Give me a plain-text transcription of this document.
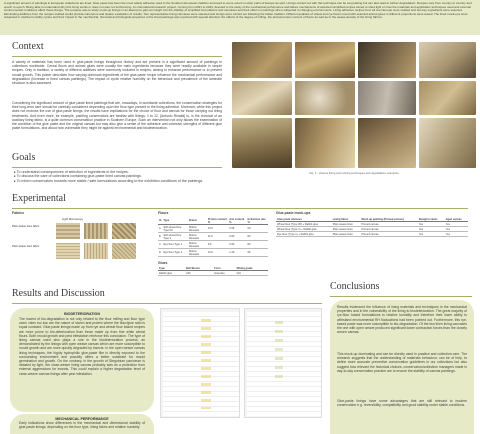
A significant amount of paintings in European collections are lined. Glue paste has been the most widely adhesive used in the Southern European tradition and used to some extent in other parts of Europe as well. Linings carried out with this technique can be long lasting but can also lead to further degradation. Recipes vary from country to country and epoch to epoch. Being able to understand why this lining works or does not was not forthcoming. An international research project, running from 2021 to 2024, devoted to the study of the mechanical performance and failure mechanisms of selected simplified recipes aimed to shed light on how the materials and application techniques used and external environmental conditions affect these linings. The purpose was to study mock-up linings in an attempt to gain an insight into the stability of simplified formulations and canvases and their effect on paintings when subjected to changing environments. Lining adhesive recipes from all over Europe were studied and two key ingredients were selected. Eliminating additives from the recipes studied would provide coherence and clearer evaluation of results. Two representative lining canvases were selected and linings were carried out following the Italian tradition. Different qualities of wheat and rye flours mixed with selected animal glues in different proportions were tested. The lined mock-ups were subjected to relative humidity cycles and their impact in the mechanical, chemical and biological properties of the lined paintings was reported with special attention the effects of the degree of milling, the animal protein content of flours as well as to the weave density of the lining fabrics.
Context
A variety of materials has been used in glue-paste linings throughout history and are present in a significant amount of paintings in collections worldwide. Cereal flours and animal glues were usually the main ingredients because they were readily available in simple recipes. Only in tradition, a variety of different additives were commonly included in recipes, aiming to enhance performance or to prevent mould growth. This poster describes how varying dominant ingredients of the glue-paste recipe influence the mechanical performance and degradation (increase in lined canvas paintings). The impact of cyclic relative humidity on the behaviour and prevalence of the laminate structure is also assessed.
Considering the significant amount of glue-paste lined paintings that are, nowadays, in worldwide collections, the conservation strategies for their long-term care should be carefully considered depending upon the flour type present in the lining adhesive. Moreover, while this project does not endorse the use of glue-paste linings, the results have implications for the choice of flour and canvas for those carrying out lining treatments. And even more, for example, painting conservators are familiar with linings. 1 to 12, [Antonio Rinaldi] to, is the removal of an auxiliary lining fabric, is a quite common conservation practice in Southern Europe. Such an intervention not only allows the examination of the condition of the glue paste and the original canvas but may also give a sense of the adhesive and cohesive strengths of different glue paste formulations, and about how vulnerable they might be against environmental and biodeterioration.
Fig. 1 - Various lining and relining techniques and degradation examples
Goals
▸ To understand consequences of selection of ingredients in the recipes.
▸ To discuss the care of collections containing glue-paste lined canvas paintings.
▸ To inform conservators towards more stable / safe formulations according to the exhibition conditions of the paintings.
Experimental
Fabrics
Light Microscopy
Plain weave linen fabric
Plain weave linen fabric
Flours
Id	Type	Brand	Protein content %	Ash content %	Extraction rate %
A	Soft wheat flour Type 00	Molino Rossetto	10.5	0.55	50
B	Soft wheat flour Type 1	Molino Rossetto	11.5	0.80	80
C	Rye flour Type 1	Molino Rossetto	9.5	0.90	80
D	Rye flour Type 2	Molino Rossetto	10.0	1.40	95
Glues
Type	Bell Bloom	Form	Mixing grade
Rabbit glue	220	Granules	N/A
Glue-paste mock-ups
Glue paste mixtures	Lining fabric	Mock-up painting (Primed canvas)	Straight cracks	Aged canvas
Wheat flour (Type 00) + Rabbit glue	Plain weave linen	Primed canvas	Yes	Yes
Wheat flour (Type 1) + Rabbit glue	Plain weave linen	Primed canvas	Yes	Yes
Rye flour (Type 1) + Rabbit glue	Plain weave linen	Primed canvas	Yes	Yes
Results and Discussion
BIODETERIORATION
The lowest of bio-degradation is not only related to the flour milling and flour type used: rates too low are the nature of starch and protein where the flour/glue ratio is equal constant. Glue-paste linings made up from rye and wheat flour based recipes are more prone to bio-deterioration than those made up from fine white wheat flours. Both mould growth and pest infestation reinforce this conclusion. The type of lining canvas used also plays a role in the biodeterioration process, as demonstrated by the linings with open weave canvas which are more susceptible to mould growth and are more quickly degraded by insects. In the open weave canvas lining techniques, the highly hydrophilic glue-paste film is directly exposed to the surrounding environment and possibly offers a better substrate for mould germination and growth. On the contrary, in the growth of Stegobium paniceum is dictated by light, the close-weave lining canvas probably acts as a protection from external aggressions for insects. This could explain a higher degradation level of close-weave canvas linings after pest infestation.
MECHANICAL PERFORMANCE
Early indications show differences in the mechanical and dimensional stability of glue-paste linings, depending on the flour type, lining fabric and relative humidity.
Conclusions
Results evidenced the influence of lining materials and techniques in the mechanical properties and in the vulnerability of the lining to biodeterioration. The great majority of rye-flour based formulations to relative humidity and therefore their lower ability to withstand environmental RH fluctuations had been pointed out. Furthermore, this rye-based paste was more susceptible to bio-degradation. Of the two linen lining canvases the one with open weave produced significant lower contraction forces than the closely woven canvas.
This mock-up dominating and can be directly used in practice and collection care. The research suggests that the understanding of materials behaviour, can be of help, to define more accurate preventive conservation guidelines in our collections but also suggest how relevant the historical choices, conservators/collection managers made in day-to-day conservation practice are to ensure the stability of canvas paintings.
Glue-paste linings have some advantages that are still relevant to modern conservation e.g. reversibility, compatibility and good stability under stable conditions.
